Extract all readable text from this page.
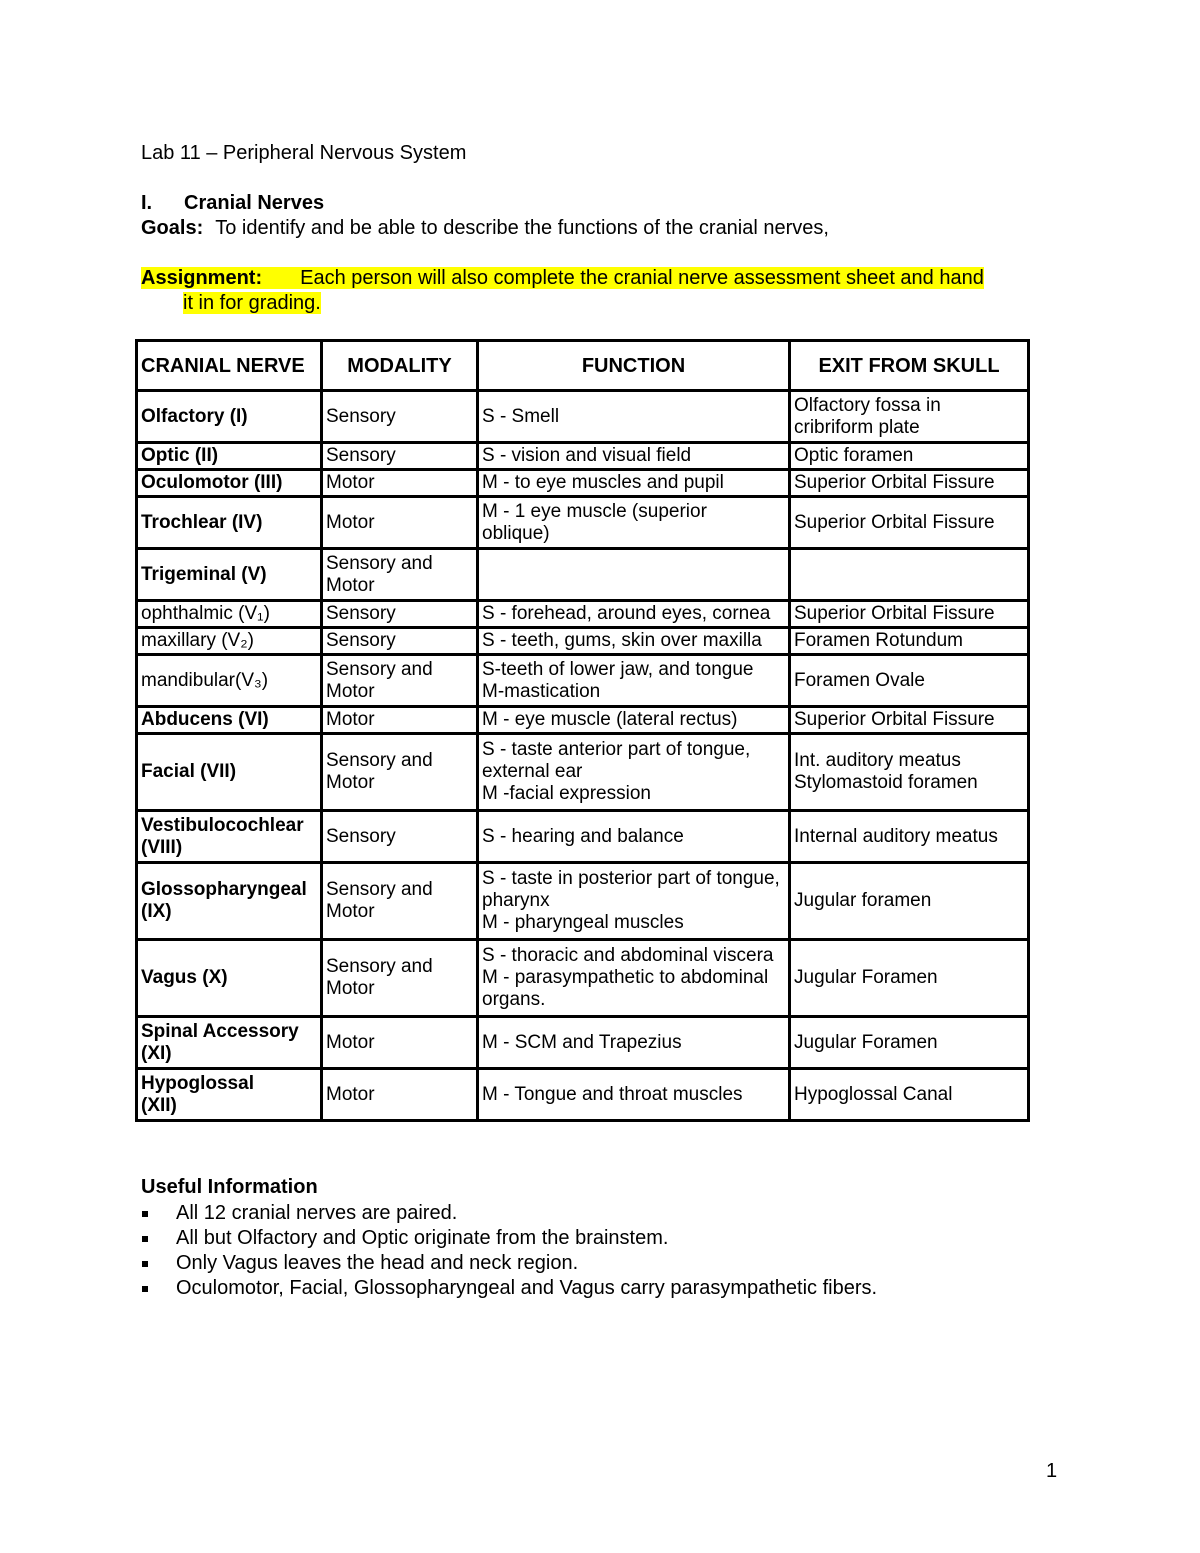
Lab 11 – Peripheral Nervous System
I. Cranial Nerves
Goals: To identify and be able to describe the functions of the cranial nerves,
Assignment: Each person will also complete the cranial nerve assessment sheet and hand
it in for grading.
CRANIAL NERVE	MODALITY	FUNCTION	EXIT FROM SKULL

Olfactory (I)	Sensory	S - Smell	Olfactory fossa in
cribriform plate

Optic (II)	Sensory	S - vision and visual field	Optic foramen

Oculomotor (III)	Motor	M - to eye muscles and pupil	Superior Orbital Fissure

Trochlear (IV)	Motor	M - 1 eye muscle (superior
oblique)	Superior Orbital Fissure

Trigeminal (V)	Sensory and
Motor		

ophthalmic (V₁)	Sensory	S - forehead, around eyes, cornea	Superior Orbital Fissure

maxillary (V₂)	Sensory	S - teeth, gums, skin over maxilla	Foramen Rotundum

mandibular(V₃)	Sensory and
Motor	S-teeth of lower jaw, and tongue
M-mastication	Foramen Ovale

Abducens (VI)	Motor	M - eye muscle (lateral rectus)	Superior Orbital Fissure

Facial (VII)	Sensory and
Motor	S - taste anterior part of tongue,
external ear
M -facial expression	Int. auditory meatus
Stylomastoid foramen

Vestibulocochlear
(VIII)	Sensory	S - hearing and balance	Internal auditory meatus

Glossopharyngeal
(IX)	Sensory and
Motor	S - taste in posterior part of tongue,
pharynx
M - pharyngeal muscles	Jugular foramen

Vagus (X)	Sensory and
Motor	S - thoracic and abdominal viscera
M - parasympathetic to abdominal
organs.	Jugular Foramen

Spinal Accessory
(XI)	Motor	M - SCM and Trapezius	Jugular Foramen

Hypoglossal
(XII)	Motor	M - Tongue and throat muscles	Hypoglossal Canal
Useful Information
All 12 cranial nerves are paired.
All but Olfactory and Optic originate from the brainstem.
Only Vagus leaves the head and neck region.
Oculomotor, Facial, Glossopharyngeal and Vagus carry parasympathetic fibers.
1
